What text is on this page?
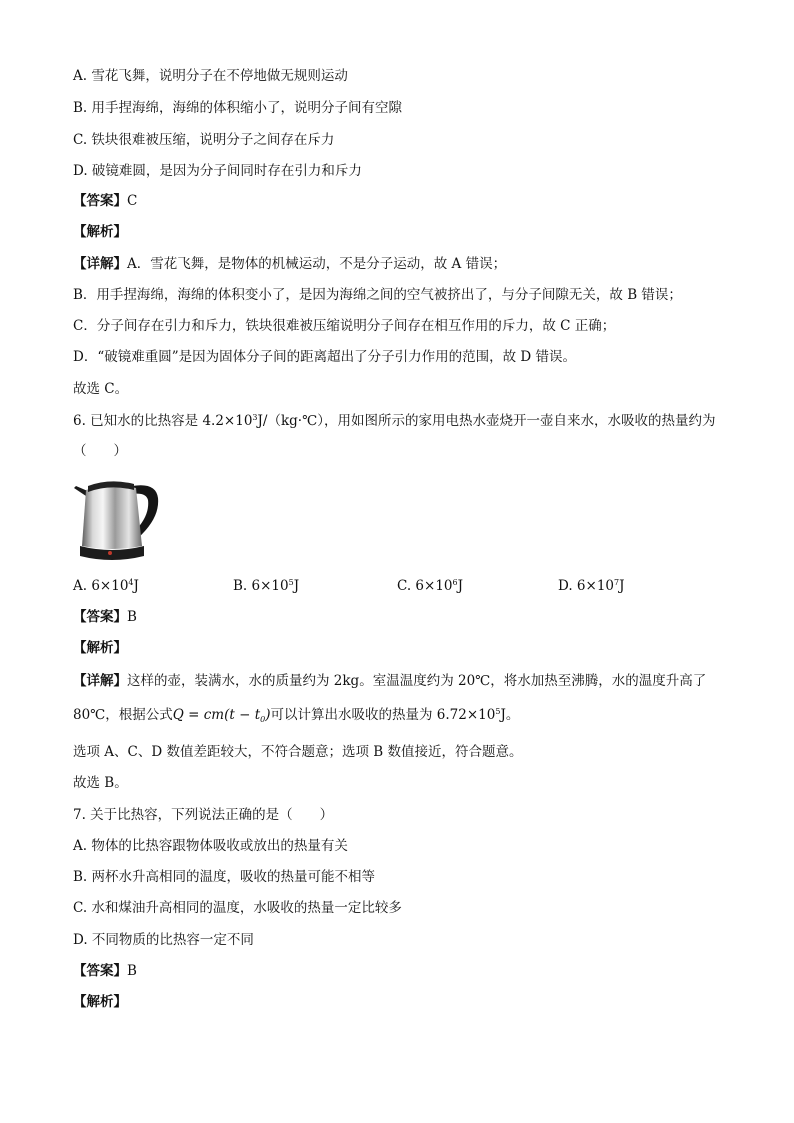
A. 雪花飞舞，说明分子在不停地做无规则运动

B. 用手捏海绵，海绵的体积缩小了，说明分子间有空隙

C. 铁块很难被压缩，说明分子之间存在斥力

D. 破镜难圆，是因为分子间同时存在引力和斥力

【答案】C

【解析】

【详解】A．雪花飞舞，是物体的机械运动，不是分子运动，故 A 错误；

B．用手捏海绵，海绵的体积变小了，是因为海绵之间的空气被挤出了，与分子间隙无关，故 B 错误；

C．分子间存在引力和斥力，铁块很难被压缩说明分子间存在相互作用的斥力，故 C 正确；

D．“破镜难重圆”是因为固体分子间的距离超出了分子引力作用的范围，故 D 错误。

故选 C。

6. 已知水的比热容是 $4.2\times 10^3J/(kg\cdot℃)$，用如图所示的家用电热水壶烧开一壶自来水，水吸收的热量约为

（　　）

A. $6\times 10^4J$	B. $6\times 10^5J$	C. $6\times 10^6J$	D. $6\times 10^7J$

【答案】B

【解析】

【详解】这样的壶，装满水，水的质量约为 2kg。室温温度约为 20℃，将水加热至沸腾，水的温度升高了

80℃，根据公式$Q = cm(t - t_0)$可以计算出水吸收的热量为 $6.72\times 10^5J$。

选项 A、C、D 数值差距较大，不符合题意；选项 B 数值接近，符合题意。

故选 B。

7. 关于比热容，下列说法正确的是（　　）

A. 物体的比热容跟物体吸收或放出的热量有关

B. 两杯水升高相同的温度，吸收的热量可能不相等

C. 水和煤油升高相同的温度，水吸收的热量一定比较多

D. 不同物质的比热容一定不同

【答案】B

【解析】
